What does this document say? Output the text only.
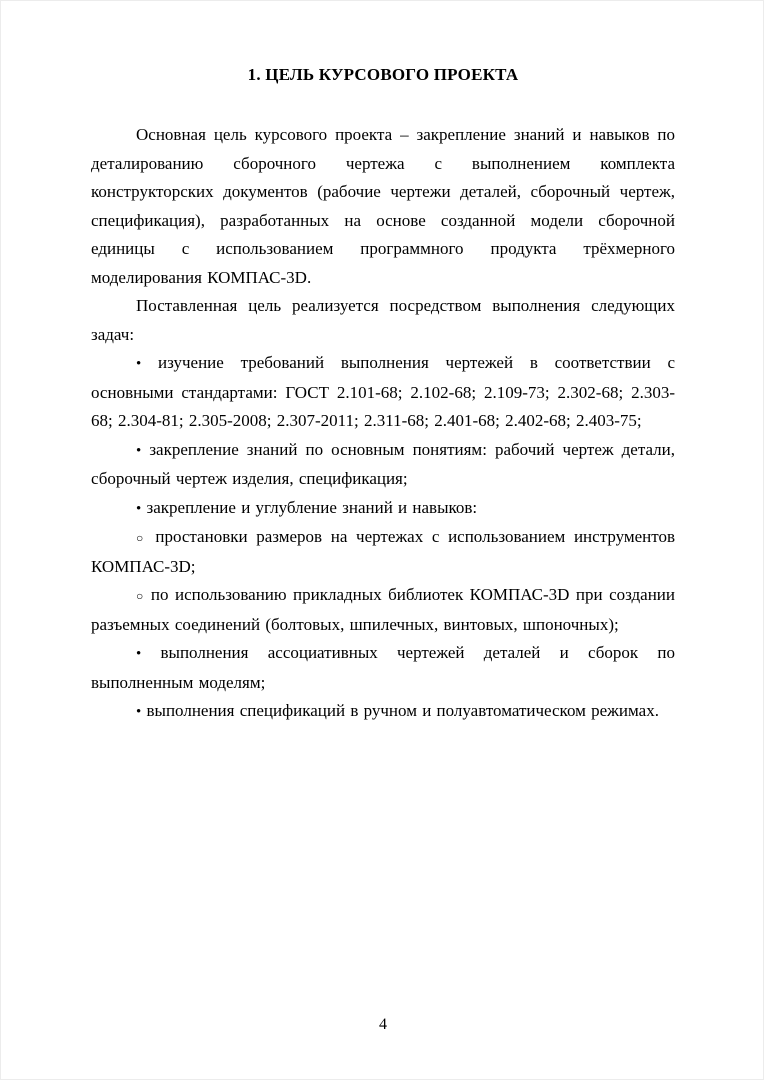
1. ЦЕЛЬ КУРСОВОГО ПРОЕКТА

Основная цель курсового проекта – закрепление знаний и навыков по деталированию сборочного чертежа с выполнением комплекта конструкторских документов (рабочие чертежи деталей, сборочный чертеж, спецификация), разработанных на основе созданной модели сборочной единицы с использованием программного продукта трёхмерного моделирования КОМПАС-3D.

Поставленная цель реализуется посредством выполнения следующих задач:

• изучение требований выполнения чертежей в соответствии с основными стандартами: ГОСТ 2.101-68; 2.102-68; 2.109-73; 2.302-68; 2.303-68; 2.304-81; 2.305-2008; 2.307-2011; 2.311-68; 2.401-68; 2.402-68; 2.403-75;

• закрепление знаний по основным понятиям: рабочий чертеж детали, сборочный чертеж изделия, спецификация;

• закрепление и углубление знаний и навыков:

○ простановки размеров на чертежах с использованием инструментов КОМПАС-3D;

○ по использованию прикладных библиотек КОМПАС-3D при создании разъемных соединений (болтовых, шпилечных, винтовых, шпоночных);

• выполнения ассоциативных чертежей деталей и сборок по выполненным моделям;

• выполнения спецификаций в ручном и полуавтоматическом режимах.

4
